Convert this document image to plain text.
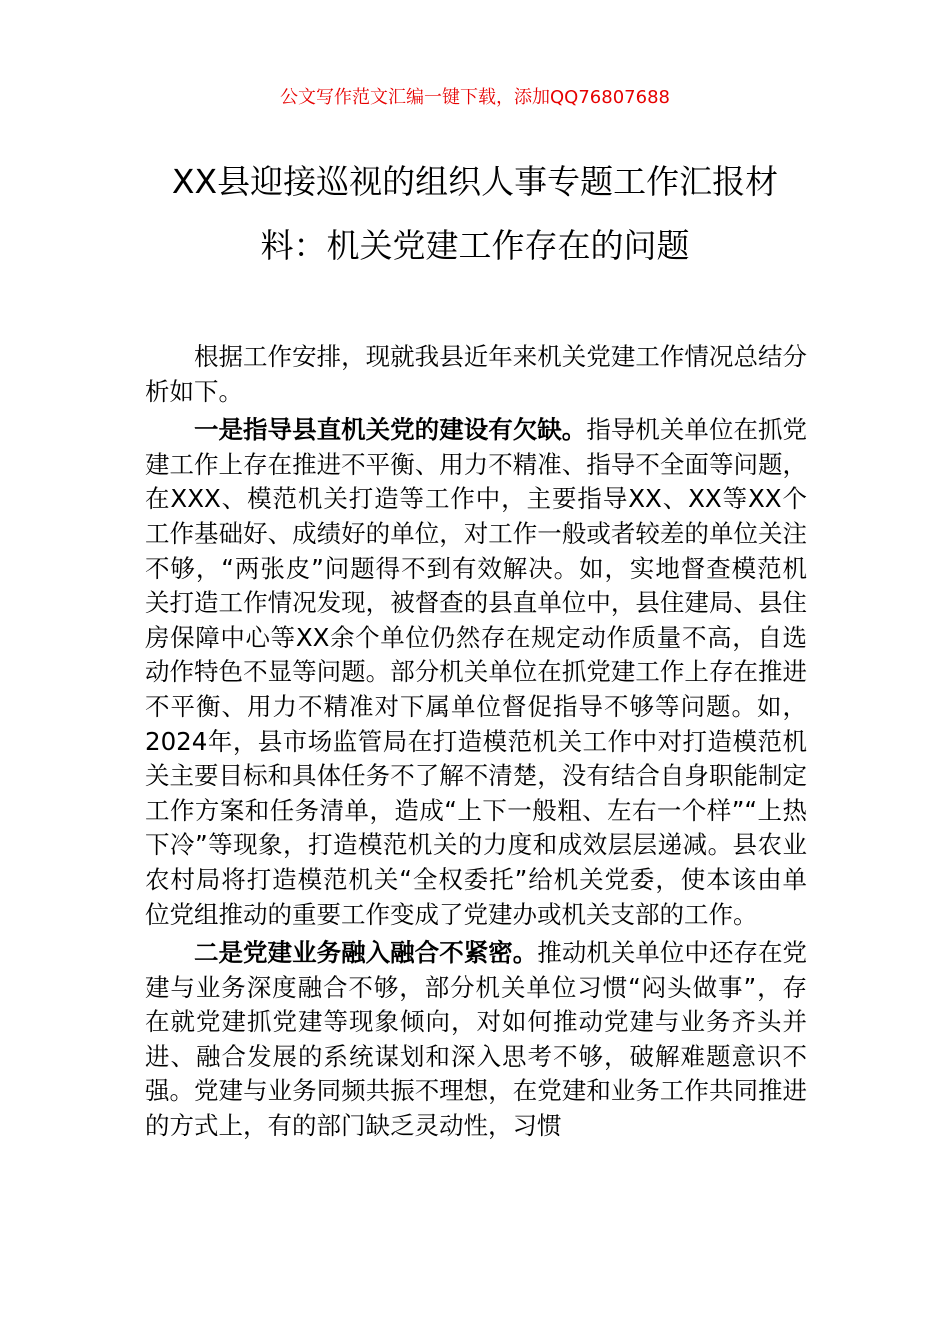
公文写作范文汇编一键下载，添加QQ76807688
XX县迎接巡视的组织人事专题工作汇报材
料：机关党建工作存在的问题

根据工作安排，现就我县近年来机关党建工作情况总结分析如下。

一是指导县直机关党的建设有欠缺。指导机关单位在抓党建工作上存在推进不平衡、用力不精准、指导不全面等问题，在XXX、模范机关打造等工作中，主要指导XX、XX等XX个工作基础好、成绩好的单位，对工作一般或者较差的单位关注不够，“两张皮”问题得不到有效解决。如，实地督查模范机关打造工作情况发现，被督查的县直单位中，县住建局、县住房保障中心等XX余个单位仍然存在规定动作质量不高，自选动作特色不显等问题。部分机关单位在抓党建工作上存在推进不平衡、用力不精准对下属单位督促指导不够等问题。如，2024年，县市场监管局在打造模范机关工作中对打造模范机关主要目标和具体任务不了解不清楚，没有结合自身职能制定工作方案和任务清单，造成“上下一般粗、左右一个样”“上热下冷”等现象，打造模范机关的力度和成效层层递减。县农业农村局将打造模范机关“全权委托”给机关党委，使本该由单位党组推动的重要工作变成了党建办或机关支部的工作。

二是党建业务融入融合不紧密。推动机关单位中还存在党建与业务深度融合不够，部分机关单位习惯“闷头做事”，存在就党建抓党建等现象倾向，对如何推动党建与业务齐头并进、融合发展的系统谋划和深入思考不够，破解难题意识不强。党建与业务同频共振不理想，在党建和业务工作共同推进的方式上，有的部门缺乏灵动性，习惯
